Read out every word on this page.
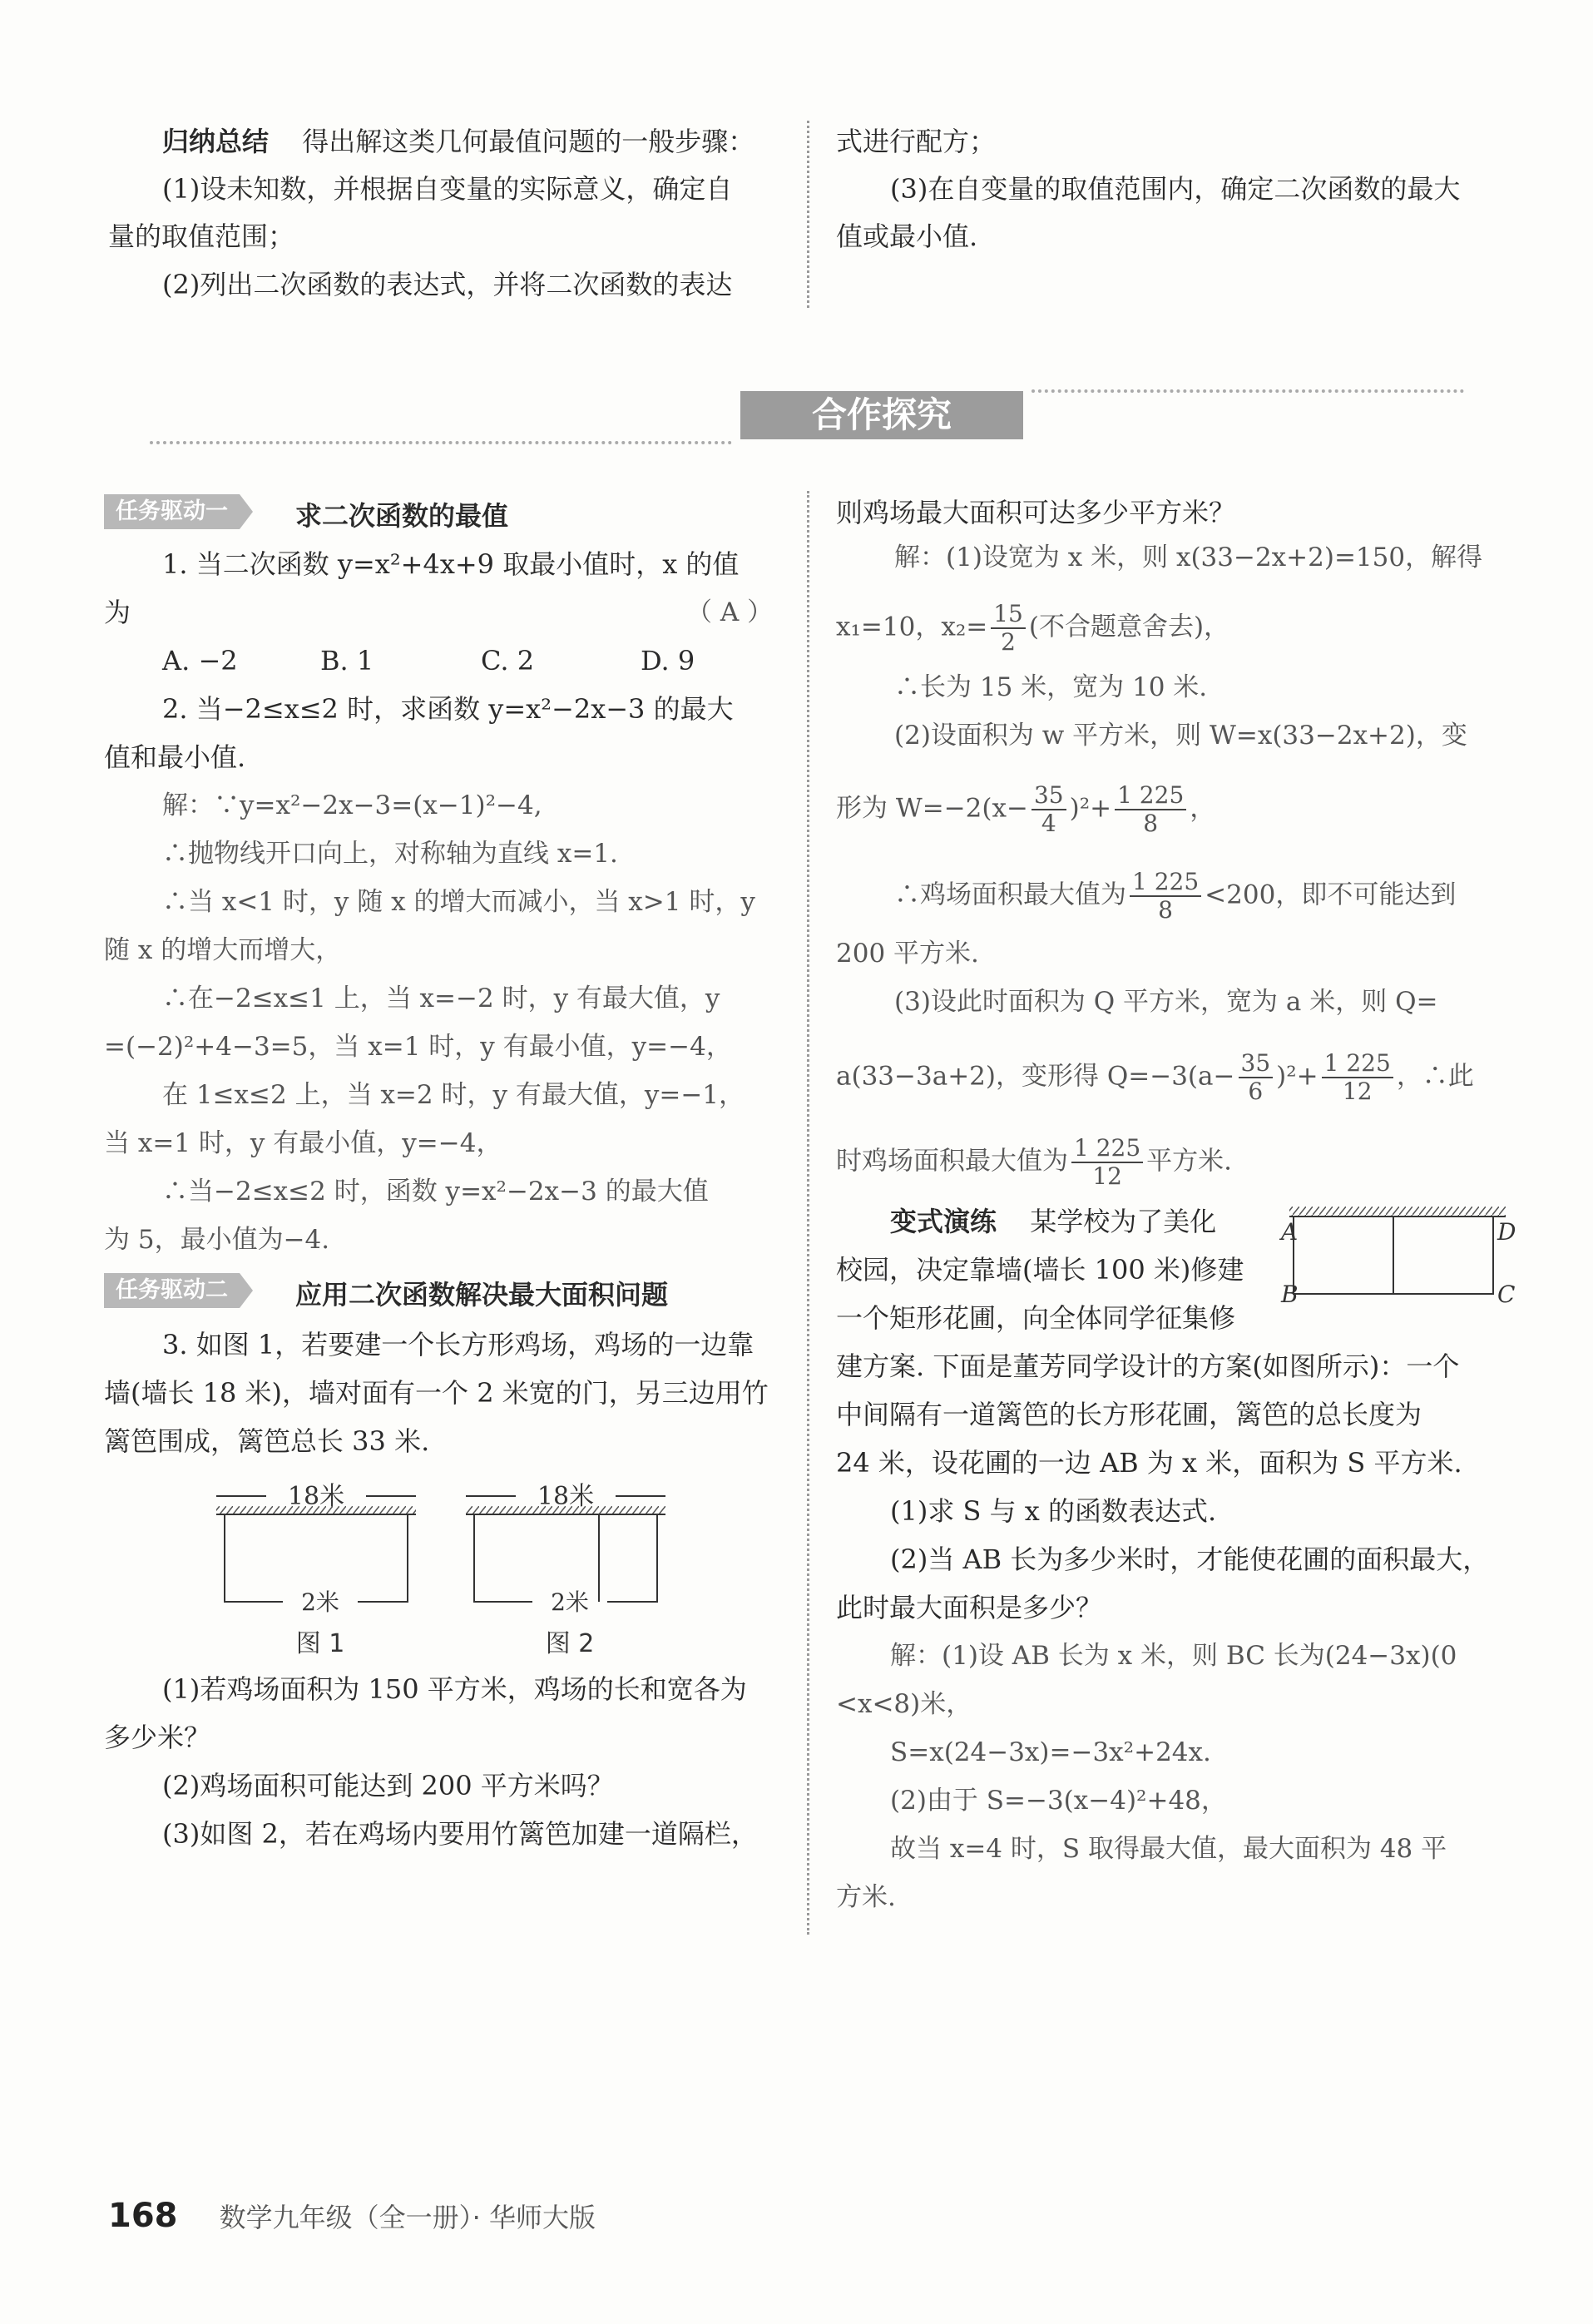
归纳总结 得出解这类几何最值问题的一般步骤：
(1)设未知数，并根据自变量的实际意义，确定自
量的取值范围；
(2)列出二次函数的表达式，并将二次函数的表达
式进行配方；
(3)在自变量的取值范围内，确定二次函数的最大
值或最小值.
合作探究
任务驱动一	求二次函数的最值
1. 当二次函数 y=x²+4x+9 取最小值时，x 的值
为	（ A ）
A. −2	B. 1	C. 2	D. 9
2. 当−2≤x≤2 时，求函数 y=x²−2x−3 的最大
值和最小值.
解：∵y=x²−2x−3=(x−1)²−4,
∴抛物线开口向上，对称轴为直线 x=1.
∴当 x<1 时，y 随 x 的增大而减小，当 x>1 时，y
随 x 的增大而增大，
∴在−2≤x≤1 上，当 x=−2 时，y 有最大值，y
=(−2)²+4−3=5，当 x=1 时，y 有最小值，y=−4，
在 1≤x≤2 上，当 x=2 时，y 有最大值，y=−1，
当 x=1 时，y 有最小值，y=−4，
∴当−2≤x≤2 时，函数 y=x²−2x−3 的最大值
为 5，最小值为−4.
任务驱动二	应用二次函数解决最大面积问题
3. 如图 1，若要建一个长方形鸡场，鸡场的一边靠
墙(墙长 18 米)，墙对面有一个 2 米宽的门，另三边用竹
篱笆围成，篱笆总长 33 米.
18米
2米
图 1
18米
2米
图 2
(1)若鸡场面积为 150 平方米，鸡场的长和宽各为
多少米？
(2)鸡场面积可能达到 200 平方米吗？
(3)如图 2，若在鸡场内要用竹篱笆加建一道隔栏，
则鸡场最大面积可达多少平方米？
解：(1)设宽为 x 米，则 x(33−2x+2)=150，解得
x₁=10，$x_2= \frac{15}{2}$ (不合题意舍去)，
∴长为 15 米，宽为 10 米.
(2)设面积为 w 平方米，则 W=x(33−2x+2)，变
形为 $W=-2(x- \frac{35}{4} )^2+ \frac{1 225}{8}$ ，
∴鸡场面积最大值为 $\frac{1 225}{8} <200$，即不可能达到
200 平方米.
(3)设此时面积为 Q 平方米，宽为 a 米，则 Q=
a(33−3a+2)，变形得 $Q=-3(a- \frac{35}{6} )^2+ \frac{1 225}{12}$ ，∴此
时鸡场面积最大值为 $\frac{1 225}{12}$ 平方米.
变式演练 某学校为了美化
校园，决定靠墙(墙长 100 米)修建
一个矩形花圃，向全体同学征集修
A
B	C
D
建方案. 下面是董芳同学设计的方案(如图所示)：一个
中间隔有一道篱笆的长方形花圃，篱笆的总长度为
24 米，设花圃的一边 AB 为 x 米，面积为 S 平方米.
(1)求 S 与 x 的函数表达式.
(2)当 AB 长为多少米时，才能使花圃的面积最大，
此时最大面积是多少？
解：(1)设 AB 长为 x 米，则 BC 长为(24−3x)(0
<x<8)米，
S=x(24−3x)=−3x²+24x.
(2)由于 S=−3(x−4)²+48，
故当 x=4 时，S 取得最大值，最大面积为 48 平
方米.
168 数学九年级（全一册）· 华师大版
